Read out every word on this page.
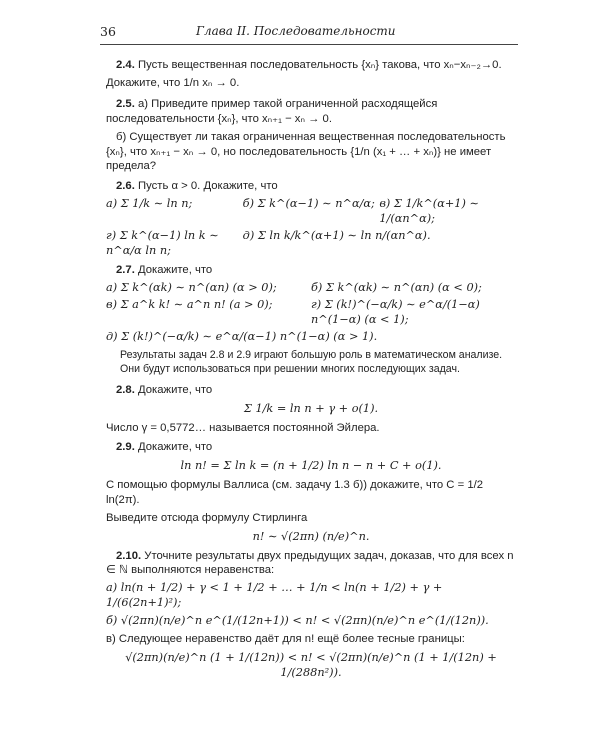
36	Глава II. Последовательности

2.4. Пусть вещественная последовательность {xₙ} такова, что xₙ−xₙ₋₂→0.

Докажите, что 1/n xₙ → 0.

2.5. а) Приведите пример такой ограниченной расходящейся последовательности {xₙ}, что xₙ₊₁ − xₙ → 0.

б) Существует ли такая ограниченная вещественная последовательность {xₙ}, что xₙ₊₁ − xₙ → 0, но последовательность {1/n (x₁ + … + xₙ)} не имеет предела?

2.6. Пусть α > 0. Докажите, что

а) Σ 1/k ∼ ln n;	б) Σ k^(α−1) ∼ n^α/α; в) Σ 1/k^(α+1) ∼ 1/(αn^α);
г) Σ k^(α−1) ln k ∼ n^α/α ln n;
д) Σ ln k/k^(α+1) ∼ ln n/(αn^α).

2.7. Докажите, что

а) Σ k^(αk) ∼ n^(αn) (α > 0);	б) Σ k^(αk) ∼ n^(αn) (α < 0);
в) Σ a^k k! ∼ a^n n! (a > 0);	г) Σ (k!)^(−α/k) ∼ e^α/(1−α) n^(1−α) (α < 1);
д) Σ (k!)^(−α/k) ∼ e^α/(α−1) n^(1−α) (α > 1).

Результаты задач 2.8 и 2.9 играют большую роль в математическом анализе. Они будут использоваться при решении многих последующих задач.

2.8. Докажите, что

Σ 1/k = ln n + γ + o(1).

Число γ = 0,5772… называется постоянной Эйлера.

2.9. Докажите, что

ln n! = Σ ln k = (n + 1/2) ln n − n + C + o(1).

С помощью формулы Валлиса (см. задачу 1.3 б)) докажите, что C = 1/2 ln(2π).

Выведите отсюда формулу Стирлинга

n! ∼ √(2πn) (n/e)^n.

2.10. Уточните результаты двух предыдущих задач, доказав, что для всех n ∈ ℕ выполняются неравенства:

а) ln(n + 1/2) + γ < 1 + 1/2 + … + 1/n < ln(n + 1/2) + γ + 1/(6(2n+1)²);

б) √(2πn)(n/e)^n e^(1/(12n+1)) < n! < √(2πn)(n/e)^n e^(1/(12n)).

в) Следующее неравенство даёт для n! ещё более тесные границы:

√(2πn)(n/e)^n (1 + 1/(12n)) < n! < √(2πn)(n/e)^n (1 + 1/(12n) + 1/(288n²)).
